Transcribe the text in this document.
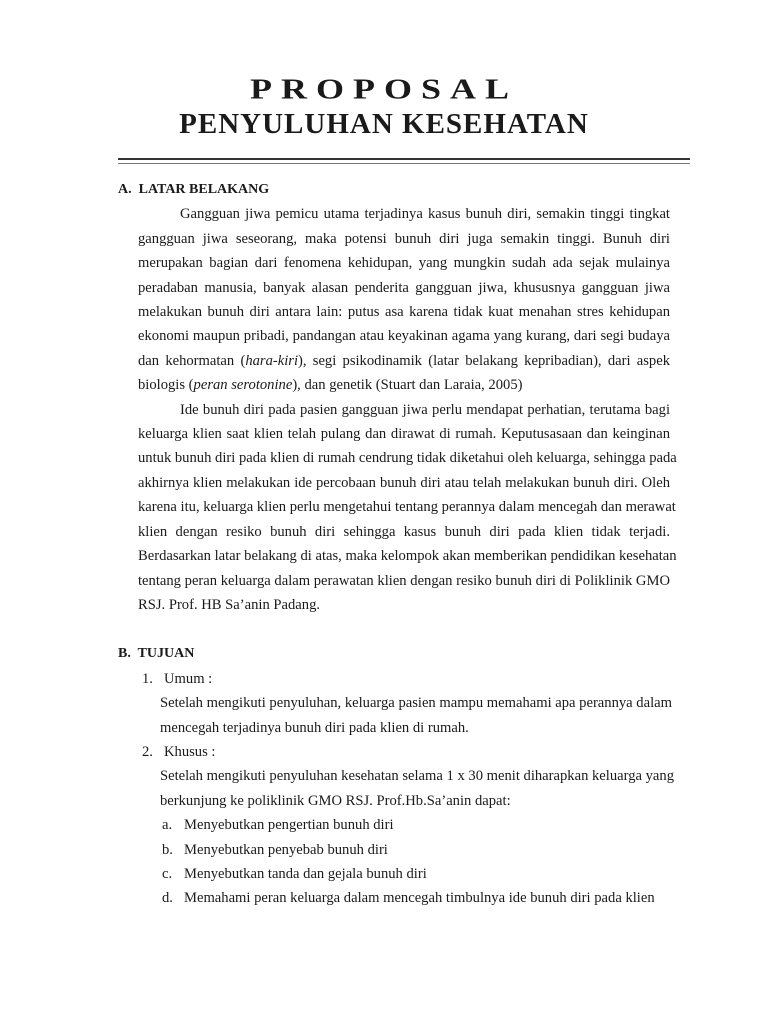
PROPOSAL
PENYULUHAN KESEHATAN
A.  LATAR BELAKANG
Gangguan jiwa pemicu utama terjadinya kasus bunuh diri, semakin tinggi tingkat
gangguan jiwa seseorang, maka potensi bunuh diri juga semakin tinggi. Bunuh diri
merupakan bagian dari fenomena kehidupan, yang mungkin sudah ada sejak mulainya
peradaban manusia, banyak alasan penderita gangguan jiwa, khususnya gangguan jiwa
melakukan bunuh diri antara lain: putus asa karena tidak kuat menahan stres kehidupan
ekonomi maupun pribadi, pandangan atau keyakinan agama yang kurang, dari segi budaya
dan kehormatan (hara-kiri), segi psikodinamik (latar belakang kepribadian), dari aspek
biologis (peran serotonine), dan genetik (Stuart dan Laraia, 2005)
Ide bunuh diri pada pasien gangguan jiwa perlu mendapat perhatian, terutama bagi
keluarga klien saat klien telah pulang dan dirawat di rumah. Keputusasaan dan keinginan
untuk bunuh diri pada klien di rumah cendrung tidak diketahui oleh keluarga, sehingga pada
akhirnya klien melakukan ide percobaan bunuh diri atau telah melakukan bunuh diri. Oleh
karena itu, keluarga klien perlu mengetahui tentang perannya dalam mencegah dan merawat
klien dengan resiko bunuh diri sehingga kasus bunuh diri pada klien tidak terjadi.
Berdasarkan latar belakang di atas, maka kelompok akan memberikan pendidikan kesehatan
tentang peran keluarga dalam perawatan klien dengan resiko bunuh diri di Poliklinik GMO
RSJ. Prof. HB Sa’anin Padang.
B.  TUJUAN
1. Umum :
Setelah mengikuti penyuluhan, keluarga pasien mampu memahami apa perannya dalam
mencegah terjadinya bunuh diri pada klien di rumah.
2. Khusus :
Setelah mengikuti penyuluhan kesehatan selama 1 x 30 menit diharapkan keluarga yang
berkunjung ke poliklinik GMO RSJ. Prof.Hb.Sa’anin dapat:
a. Menyebutkan pengertian bunuh diri
b. Menyebutkan penyebab bunuh diri
c. Menyebutkan tanda dan gejala bunuh diri
d. Memahami peran keluarga dalam mencegah timbulnya ide bunuh diri pada klien
